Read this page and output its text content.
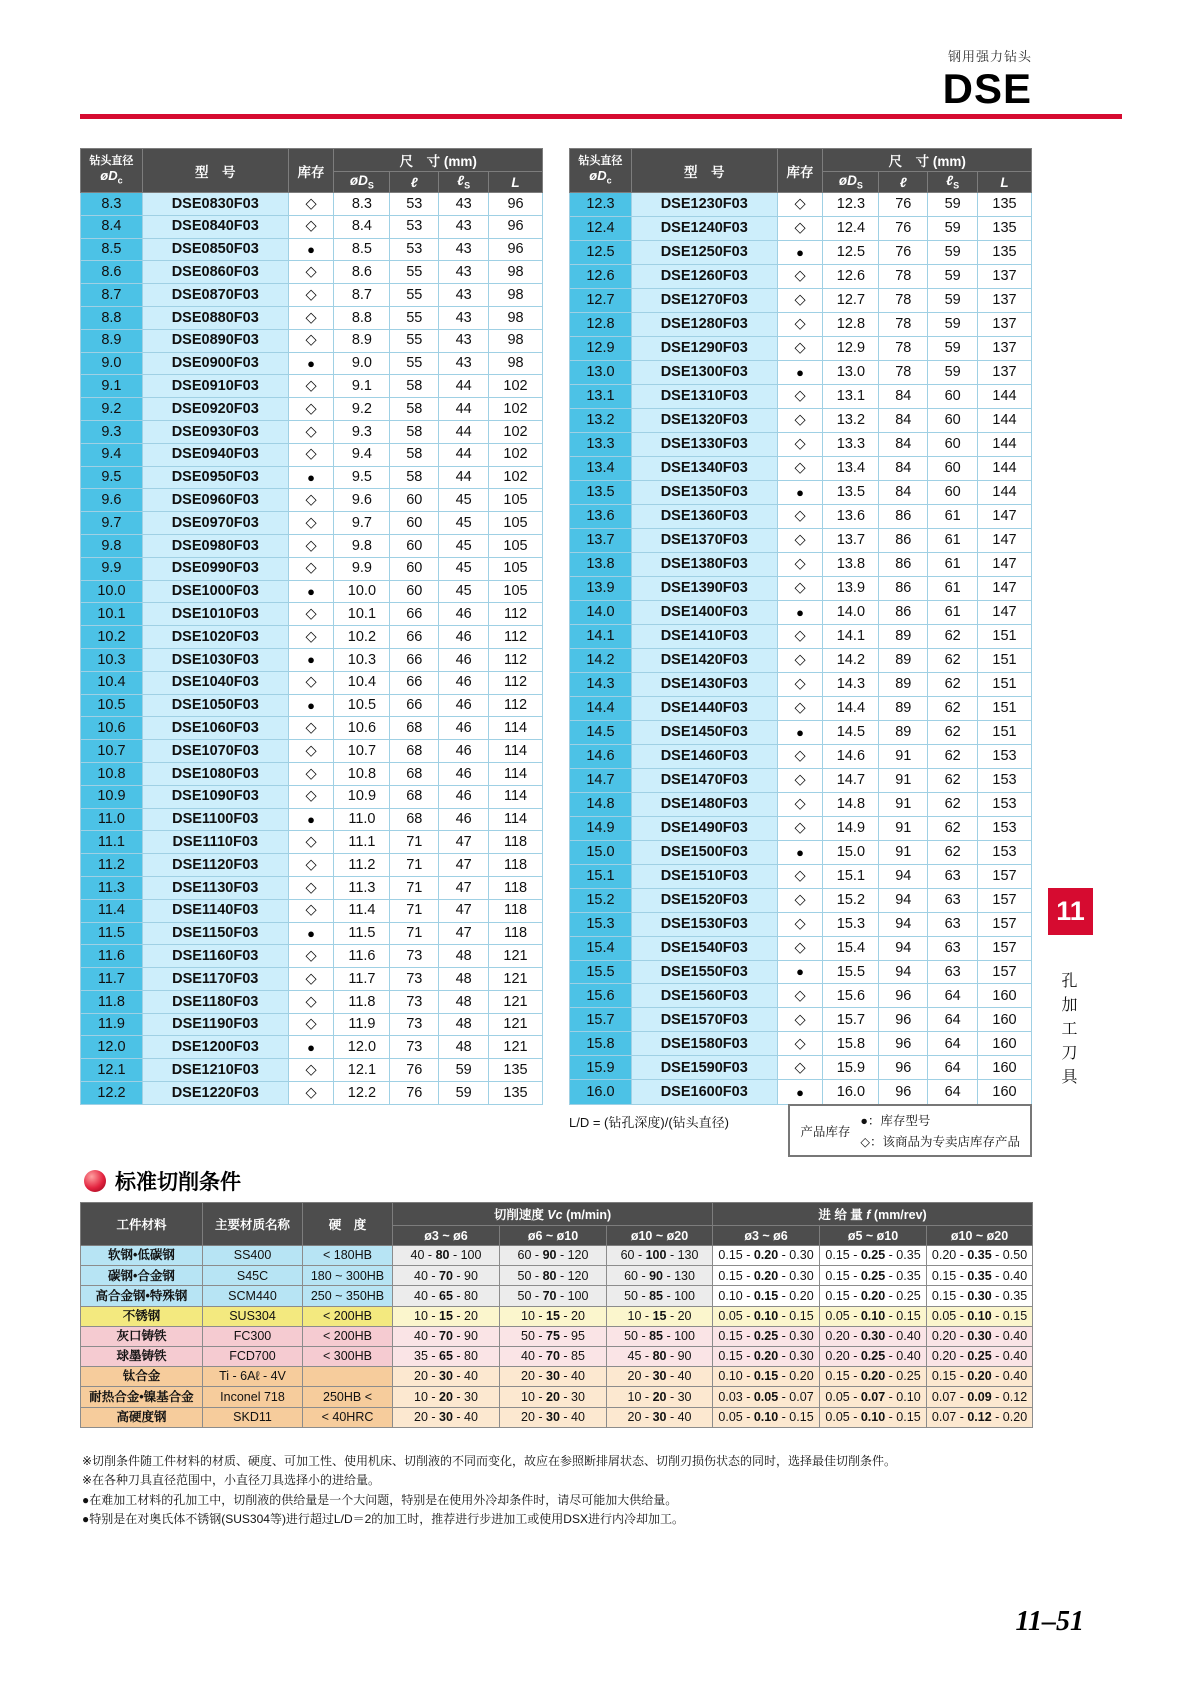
钢用强力钻头
DSE
钻头直径
$øD_c$	型　号	库存	尺　寸 (mm)			
			$øD_S$	ℓ	ℓ$_S$	L
8.3	DSE0830F03	◇	8.3	53	43	96
8.4	DSE0840F03	◇	8.4	53	43	96
8.5	DSE0850F03	●	8.5	53	43	96
8.6	DSE0860F03	◇	8.6	55	43	98
8.7	DSE0870F03	◇	8.7	55	43	98
8.8	DSE0880F03	◇	8.8	55	43	98
8.9	DSE0890F03	◇	8.9	55	43	98
9.0	DSE0900F03	●	9.0	55	43	98
9.1	DSE0910F03	◇	9.1	58	44	102
9.2	DSE0920F03	◇	9.2	58	44	102
9.3	DSE0930F03	◇	9.3	58	44	102
9.4	DSE0940F03	◇	9.4	58	44	102
9.5	DSE0950F03	●	9.5	58	44	102
9.6	DSE0960F03	◇	9.6	60	45	105
9.7	DSE0970F03	◇	9.7	60	45	105
9.8	DSE0980F03	◇	9.8	60	45	105
9.9	DSE0990F03	◇	9.9	60	45	105
10.0	DSE1000F03	●	10.0	60	45	105
10.1	DSE1010F03	◇	10.1	66	46	112
10.2	DSE1020F03	◇	10.2	66	46	112
10.3	DSE1030F03	●	10.3	66	46	112
10.4	DSE1040F03	◇	10.4	66	46	112
10.5	DSE1050F03	●	10.5	66	46	112
10.6	DSE1060F03	◇	10.6	68	46	114
10.7	DSE1070F03	◇	10.7	68	46	114
10.8	DSE1080F03	◇	10.8	68	46	114
10.9	DSE1090F03	◇	10.9	68	46	114
11.0	DSE1100F03	●	11.0	68	46	114
11.1	DSE1110F03	◇	11.1	71	47	118
11.2	DSE1120F03	◇	11.2	71	47	118
11.3	DSE1130F03	◇	11.3	71	47	118
11.4	DSE1140F03	◇	11.4	71	47	118
11.5	DSE1150F03	●	11.5	71	47	118
11.6	DSE1160F03	◇	11.6	73	48	121
11.7	DSE1170F03	◇	11.7	73	48	121
11.8	DSE1180F03	◇	11.8	73	48	121
11.9	DSE1190F03	◇	11.9	73	48	121
12.0	DSE1200F03	●	12.0	73	48	121
12.1	DSE1210F03	◇	12.1	76	59	135
12.2	DSE1220F03	◇	12.2	76	59	135
钻头直径
$øD_c$	型　号	库存	尺　寸 (mm)			
			$øD_S$	ℓ	ℓ$_S$	L
12.3	DSE1230F03	◇	12.3	76	59	135
12.4	DSE1240F03	◇	12.4	76	59	135
12.5	DSE1250F03	●	12.5	76	59	135
12.6	DSE1260F03	◇	12.6	78	59	137
12.7	DSE1270F03	◇	12.7	78	59	137
12.8	DSE1280F03	◇	12.8	78	59	137
12.9	DSE1290F03	◇	12.9	78	59	137
13.0	DSE1300F03	●	13.0	78	59	137
13.1	DSE1310F03	◇	13.1	84	60	144
13.2	DSE1320F03	◇	13.2	84	60	144
13.3	DSE1330F03	◇	13.3	84	60	144
13.4	DSE1340F03	◇	13.4	84	60	144
13.5	DSE1350F03	●	13.5	84	60	144
13.6	DSE1360F03	◇	13.6	86	61	147
13.7	DSE1370F03	◇	13.7	86	61	147
13.8	DSE1380F03	◇	13.8	86	61	147
13.9	DSE1390F03	◇	13.9	86	61	147
14.0	DSE1400F03	●	14.0	86	61	147
14.1	DSE1410F03	◇	14.1	89	62	151
14.2	DSE1420F03	◇	14.2	89	62	151
14.3	DSE1430F03	◇	14.3	89	62	151
14.4	DSE1440F03	◇	14.4	89	62	151
14.5	DSE1450F03	●	14.5	89	62	151
14.6	DSE1460F03	◇	14.6	91	62	153
14.7	DSE1470F03	◇	14.7	91	62	153
14.8	DSE1480F03	◇	14.8	91	62	153
14.9	DSE1490F03	◇	14.9	91	62	153
15.0	DSE1500F03	●	15.0	91	62	153
15.1	DSE1510F03	◇	15.1	94	63	157
15.2	DSE1520F03	◇	15.2	94	63	157
15.3	DSE1530F03	◇	15.3	94	63	157
15.4	DSE1540F03	◇	15.4	94	63	157
15.5	DSE1550F03	●	15.5	94	63	157
15.6	DSE1560F03	◇	15.6	96	64	160
15.7	DSE1570F03	◇	15.7	96	64	160
15.8	DSE1580F03	◇	15.8	96	64	160
15.9	DSE1590F03	◇	15.9	96	64	160
16.0	DSE1600F03	●	16.0	96	64	160
L/D = (钻孔深度)/(钻头直径)
产品库存
●：库存型号
◇：该商品为专卖店库存产品
11
孔加工刀具
标准切削条件
工件材料	主要材质名称	硬　度	切削速度 Vc (m/min)			进 给 量 f (mm/rev)		
			ø3 ~ ø6	ø6 ~ ø10	ø10 ~ ø20	ø3 ~ ø6	ø5 ~ ø10	ø10 ~ ø20
软钢•低碳钢	SS400	< 180HB	40 - 80 - 100	60 - 90 - 120	60 - 100 - 130	0.15 - 0.20 - 0.30	0.15 - 0.25 - 0.35	0.20 - 0.35 - 0.50
碳钢•合金钢	S45C	180 ~ 300HB	40 - 70 - 90	50 - 80 - 120	60 - 90 - 130	0.15 - 0.20 - 0.30	0.15 - 0.25 - 0.35	0.15 - 0.35 - 0.40
高合金钢•特殊钢	SCM440	250 ~ 350HB	40 - 65 - 80	50 - 70 - 100	50 - 85 - 100	0.10 - 0.15 - 0.20	0.15 - 0.20 - 0.25	0.15 - 0.30 - 0.35
不锈钢	SUS304	< 200HB	10 - 15 - 20	10 - 15 - 20	10 - 15 - 20	0.05 - 0.10 - 0.15	0.05 - 0.10 - 0.15	0.05 - 0.10 - 0.15
灰口铸铁	FC300	< 200HB	40 - 70 - 90	50 - 75 - 95	50 - 85 - 100	0.15 - 0.25 - 0.30	0.20 - 0.30 - 0.40	0.20 - 0.30 - 0.40
球墨铸铁	FCD700	< 300HB	35 - 65 - 80	40 - 70 - 85	45 - 80 - 90	0.15 - 0.20 - 0.30	0.20 - 0.25 - 0.40	0.20 - 0.25 - 0.40
钛合金	Ti - 6Aℓ - 4V		20 - 30 - 40	20 - 30 - 40	20 - 30 - 40	0.10 - 0.15 - 0.20	0.15 - 0.20 - 0.25	0.15 - 0.20 - 0.40
耐热合金•镍基合金	Inconel 718	250HB <	10 - 20 - 30	10 - 20 - 30	10 - 20 - 30	0.03 - 0.05 - 0.07	0.05 - 0.07 - 0.10	0.07 - 0.09 - 0.12
高硬度钢	SKD11	< 40HRC	20 - 30 - 40	20 - 30 - 40	20 - 30 - 40	0.05 - 0.10 - 0.15	0.05 - 0.10 - 0.15	0.07 - 0.12 - 0.20
※切削条件随工件材料的材质、硬度、可加工性、使用机床、切削液的不同而变化，故应在参照断排屑状态、切削刃损伤状态的同时，选择最佳切削条件。
※在各种刀具直径范围中，小直径刀具选择小的进给量。
●在难加工材料的孔加工中，切削液的供给量是一个大问题，特别是在使用外冷却条件时，请尽可能加大供给量。
●特别是在对奥氏体不锈钢(SUS304等)进行超过L/D＝2的加工时，推荐进行步进加工或使用DSX进行内冷却加工。
11–51
